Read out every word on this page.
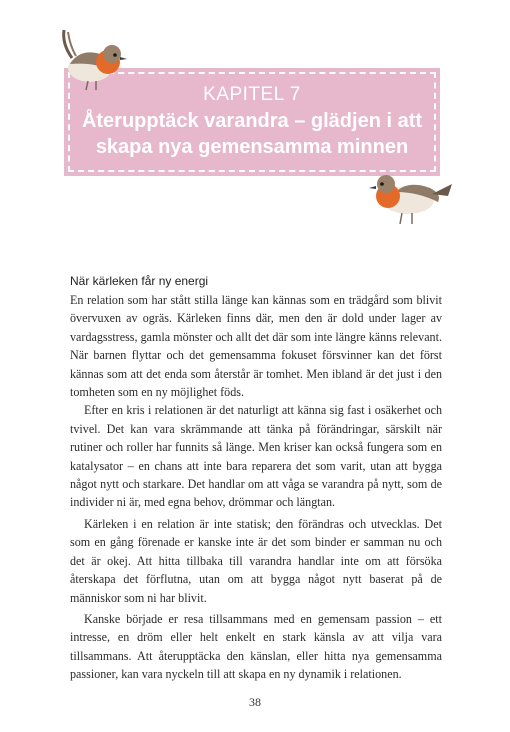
KAPITEL 7
Återupptäck varandra – glädjen i att
skapa nya gemensamma minnen
När kärleken får ny energi

En relation som har stått stilla länge kan kännas som en trädgård som blivit övervuxen av ogräs. Kärleken finns där, men den är dold under lager av vardagsstress, gamla mönster och allt det där som inte längre känns relevant. När barnen flyttar och det gemensamma fokuset försvinner kan det först kännas som att det enda som återstår är tomhet. Men ibland är det just i den tomheten som en ny möjlighet föds.

Efter en kris i relationen är det naturligt att känna sig fast i osäkerhet och tvivel. Det kan vara skrämmande att tänka på förändringar, särskilt när rutiner och roller har funnits så länge. Men kriser kan också fungera som en katalysator – en chans att inte bara reparera det som varit, utan att bygga något nytt och starkare. Det handlar om att våga se varandra på nytt, som de individer ni är, med egna behov, drömmar och längtan.

Kärleken i en relation är inte statisk; den förändras och utvecklas. Det som en gång förenade er kanske inte är det som binder er samman nu och det är okej. Att hitta tillbaka till varandra handlar inte om att försöka återskapa det förflutna, utan om att bygga något nytt baserat på de människor som ni har blivit.

Kanske började er resa tillsammans med en gemensam passion – ett intresse, en dröm eller helt enkelt en stark känsla av att vilja vara tillsammans. Att återupptäcka den känslan, eller hitta nya gemensamma passioner, kan vara nyckeln till att skapa en ny dynamik i relationen.

38
